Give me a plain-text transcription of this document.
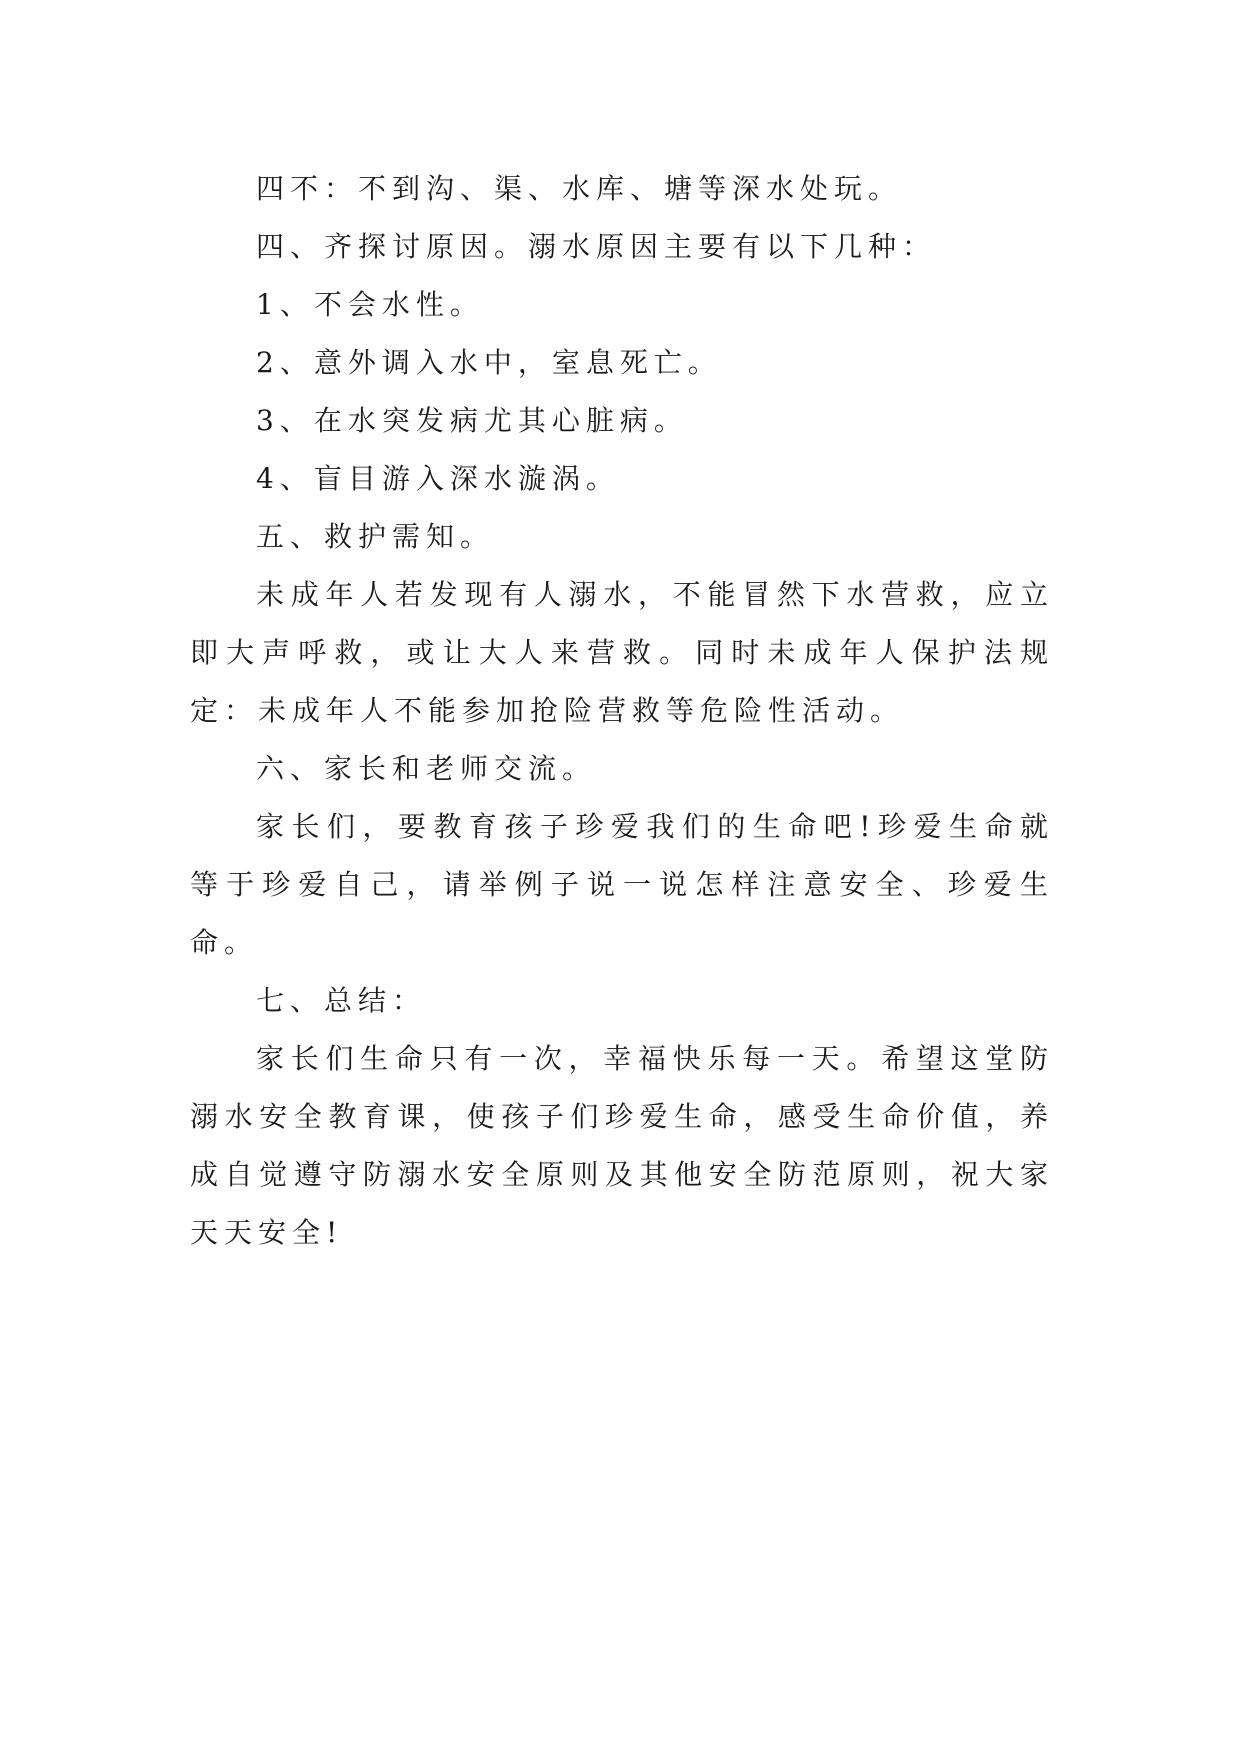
四不：不到沟、渠、水库、塘等深水处玩。

四、齐探讨原因。溺水原因主要有以下几种：

1、不会水性。

2、意外调入水中，室息死亡。

3、在水突发病尤其心脏病。

4、盲目游入深水漩涡。

五、救护需知。

未成年人若发现有人溺水，不能冒然下水营救，应立即大声呼救，或让大人来营救。同时未成年人保护法规定：未成年人不能参加抢险营救等危险性活动。

六、家长和老师交流。

家长们，要教育孩子珍爱我们的生命吧!珍爱生命就等于珍爱自己，请举例子说一说怎样注意安全、珍爱生命。

七、总结：

家长们生命只有一次，幸福快乐每一天。希望这堂防溺水安全教育课，使孩子们珍爱生命，感受生命价值，养成自觉遵守防溺水安全原则及其他安全防范原则，祝大家天天安全!
